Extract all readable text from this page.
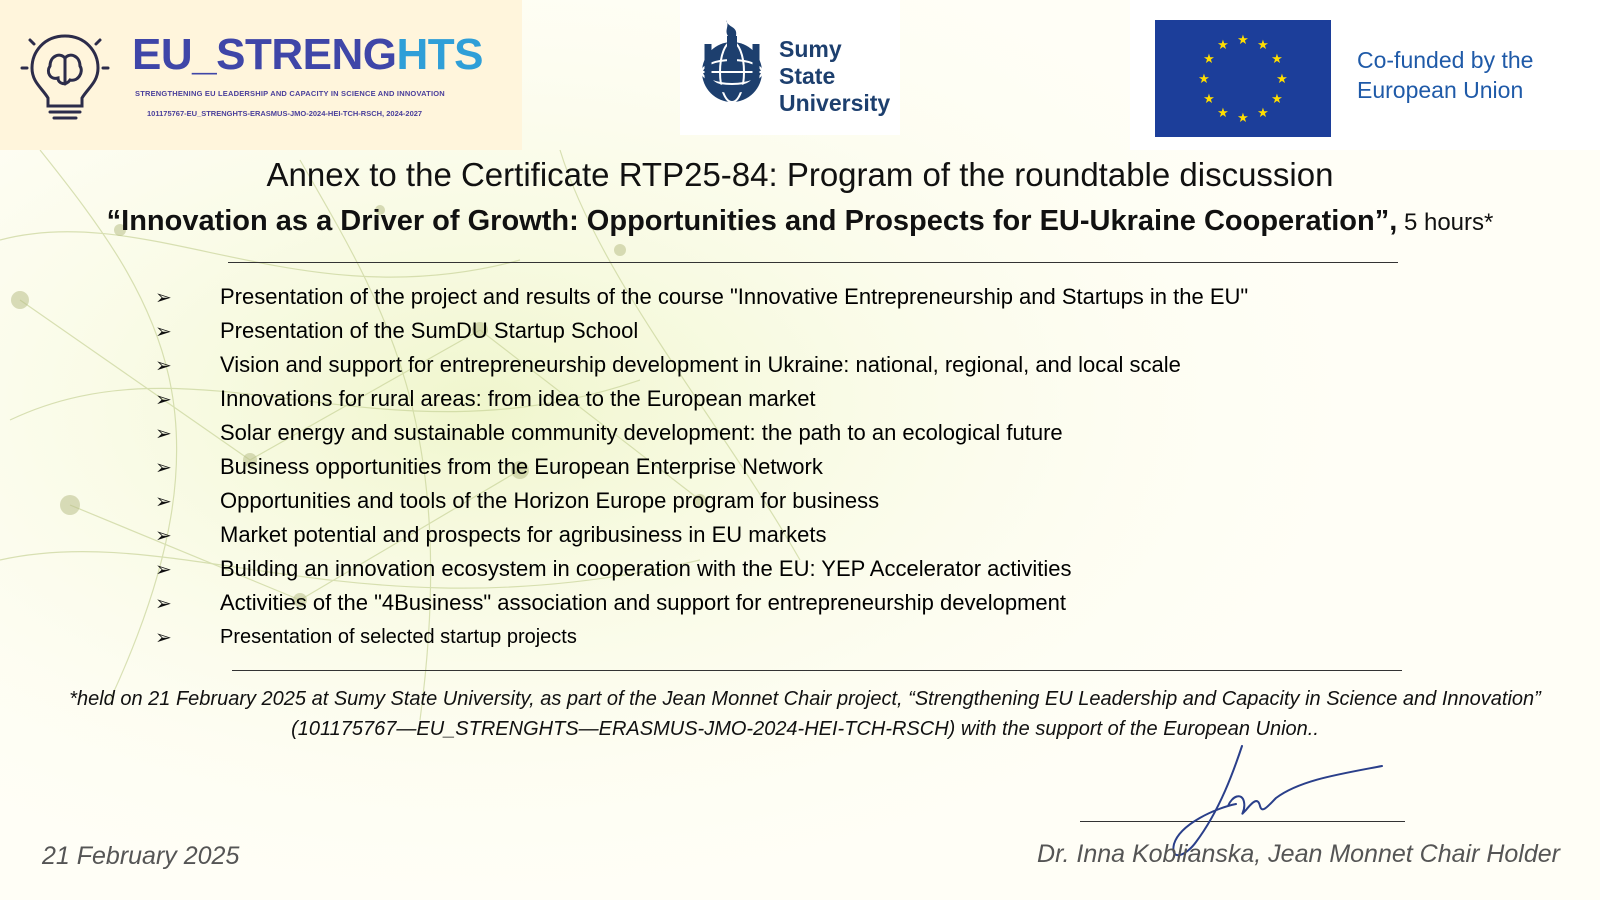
EU_STRENGHTS
STRENGTHENING EU LEADERSHIP AND CAPACITY IN SCIENCE AND INNOVATION
101175767-EU_STRENGHTS-ERASMUS-JMO-2024-HEI-TCH-RSCH, 2024-2027
Sumy
State
University
★ ★
★
★
★
★
★
★
★
★
★
★
Co-funded by the
European Union
Annex to the Certificate RTP25-84: Program of the roundtable discussion
“Innovation as a Driver of Growth: Opportunities and Prospects for EU-Ukraine Cooperation”, 5 hours*
➢	Presentation of the project and results of the course "Innovative Entrepreneurship and Startups in the EU"
➢	Presentation of the SumDU Startup School
➢	Vision and support for entrepreneurship development in Ukraine: national, regional, and local scale
➢	Innovations for rural areas: from idea to the European market
➢	Solar energy and sustainable community development: the path to an ecological future
➢	Business opportunities from the European Enterprise Network
➢	Opportunities and tools of the Horizon Europe program for business
➢	Market potential and prospects for agribusiness in EU markets
➢	Building an innovation ecosystem in cooperation with the EU: YEP Accelerator activities
➢	Activities of the "4Business" association and support for entrepreneurship development
➢	Presentation of selected startup projects
*held on 21 February 2025 at Sumy State University, as part of the Jean Monnet Chair project, “Strengthening EU Leadership and Capacity in Science and Innovation” (101175767—EU_STRENGHTS—ERASMUS-JMO-2024-HEI-TCH-RSCH) with the support of the European Union..
21 February 2025	Dr. Inna Koblianska, Jean Monnet Chair Holder
